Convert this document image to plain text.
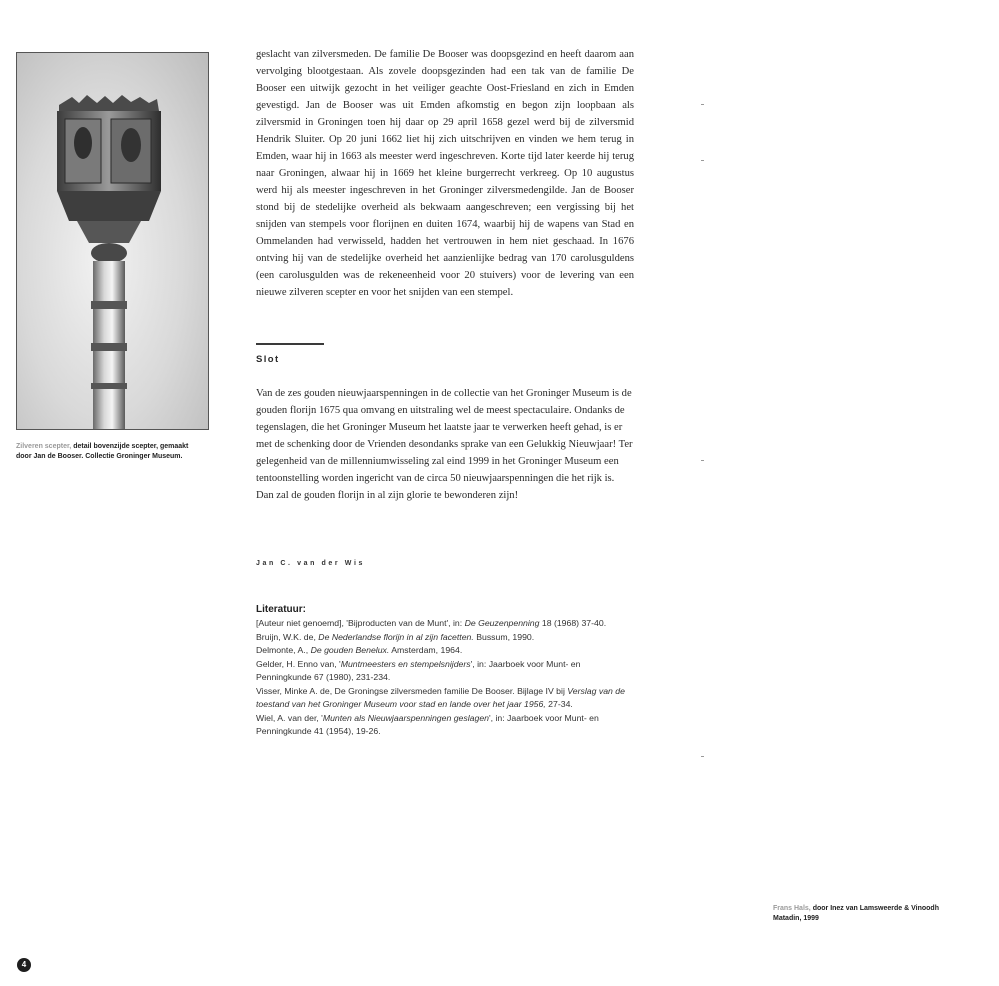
Zilveren scepter, detail bovenzijde scepter, gemaakt door Jan de Booser. Collectie Groninger Museum.

geslacht van zilversmeden. De familie De Booser was doopsgezind en heeft daarom aan vervolging blootgestaan. Als zovele doopsgezinden had een tak van de familie De Booser een uitwijk gezocht in het veiliger geachte Oost-Friesland en zich in Emden gevestigd. Jan de Booser was uit Emden afkomstig en begon zijn loopbaan als zilversmid in Groningen toen hij daar op 29 april 1658 gezel werd bij de zilversmid Hendrik Sluiter. Op 20 juni 1662 liet hij zich uitschrijven en vinden we hem terug in Emden, waar hij in 1663 als meester werd ingeschreven. Korte tijd later keerde hij terug naar Groningen, alwaar hij in 1669 het kleine burgerrecht verkreeg. Op 10 augustus werd hij als meester ingeschreven in het Groninger zilversmedengilde. Jan de Booser stond bij de stedelijke overheid als bekwaam aangeschreven; een vergissing bij het snijden van stempels voor florijnen en duiten 1674, waarbij hij de wapens van Stad en Ommelanden had verwisseld, hadden het vertrouwen in hem niet geschaad. In 1676 ontving hij van de stedelijke overheid het aanzienlijke bedrag van 170 carolusguldens (een carolusgulden was de rekeneenheid voor 20 stuivers) voor de levering van een nieuwe zilveren scepter en voor het snijden van een stempel.

Slot

Van de zes gouden nieuwjaarspenningen in de collectie van het Groninger Museum is de gouden florijn 1675 qua omvang en uitstraling wel de meest spectaculaire. Ondanks de tegenslagen, die het Groninger Museum het laatste jaar te verwerken heeft gehad, is er met de schenking door de Vrienden desondanks sprake van een Gelukkig Nieuwjaar! Ter gelegenheid van de millenniumwisseling zal eind 1999 in het Groninger Museum een tentoonstelling worden ingericht van de circa 50 nieuwjaarspenningen die het rijk is. Dan zal de gouden florijn in al zijn glorie te bewonderen zijn!

Jan C. van der Wis
Literatuur:
[Auteur niet genoemd], 'Bijproducten van de Munt', in: De Geuzenpenning 18 (1968) 37-40.
Bruijn, W.K. de, De Nederlandse florijn in al zijn facetten. Bussum, 1990.
Delmonte, A., De gouden Benelux. Amsterdam, 1964.
Gelder, H. Enno van, 'Muntmeesters en stempelsnijders', in: Jaarboek voor Munt- en Penningkunde 67 (1980), 231-234.
Visser, Minke A. de, De Groningse zilversmeden familie De Booser. Bijlage IV bij Verslag van de toestand van het Groninger Museum voor stad en lande over het jaar 1956, 27-34.
Wiel, A. van der, 'Munten als Nieuwjaarspenningen geslagen', in: Jaarboek voor Munt- en Penningkunde 41 (1954), 19-26.
Frans Hals, door Inez van Lamsweerde & Vinoodh Matadin, 1999
4
